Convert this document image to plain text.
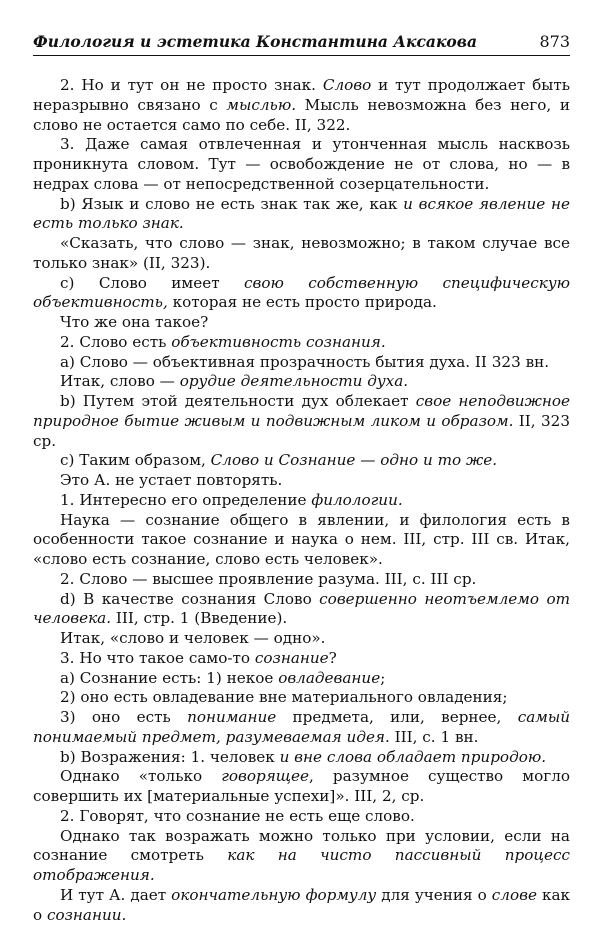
Филология и эстетика Константина Аксакова	873

2. Но и тут он не просто знак. Слово и тут продолжает быть неразрывно связано с мыслью. Мысль невозможна без него, и слово не остается само по себе. II, 322.

3. Даже самая отвлеченная и утонченная мысль насквозь проникнута словом. Тут — освобождение не от слова, но — в недрах слова — от непосредственной созерцательности.

b) Язык и слово не есть знак так же, как и всякое явление не есть только знак.

«Сказать, что слово — знак, невозможно; в таком случае все только знак» (II, 323).

c) Слово имеет свою собственную специфическую объективность, которая не есть просто природа.

Что же она такое?

2. Слово есть объективность сознания.

a) Слово — объективная прозрачность бытия духа. II 323 вн.

Итак, слово — орудие деятельности духа.

b) Путем этой деятельности дух облекает свое неподвижное природное бытие живым и подвижным ликом и образом. II, 323 ср.

c) Таким образом, Слово и Сознание — одно и то же.

Это А. не устает повторять.

1. Интересно его определение филологии.

Наука — сознание общего в явлении, и филология есть в особенности такое сознание и наука о нем. III, стр. III св. Итак, «слово есть сознание, слово есть человек».

2. Слово — высшее проявление разума. III, с. III ср.

d) В качестве сознания Слово совершенно неотъемлемо от человека. III, стр. 1 (Введение).

Итак, «слово и человек — одно».

3. Но что такое само-то сознание?

a) Сознание есть: 1) некое овладевание;

2) оно есть овладевание вне материального овладения;

3) оно есть понимание предмета, или, вернее, самый понимаемый предмет, разумеваемая идея. III, с. 1 вн.

b) Возражения: 1. человек и вне слова обладает природою.

Однако «только говорящее, разумное существо могло совершить их [материальные успехи]». III, 2, ср.

2. Говорят, что сознание не есть еще слово.

Однако так возражать можно только при условии, если на сознание смотреть как на чисто пассивный процесс отображения.

И тут А. дает окончательную формулу для учения о слове как о сознании.
